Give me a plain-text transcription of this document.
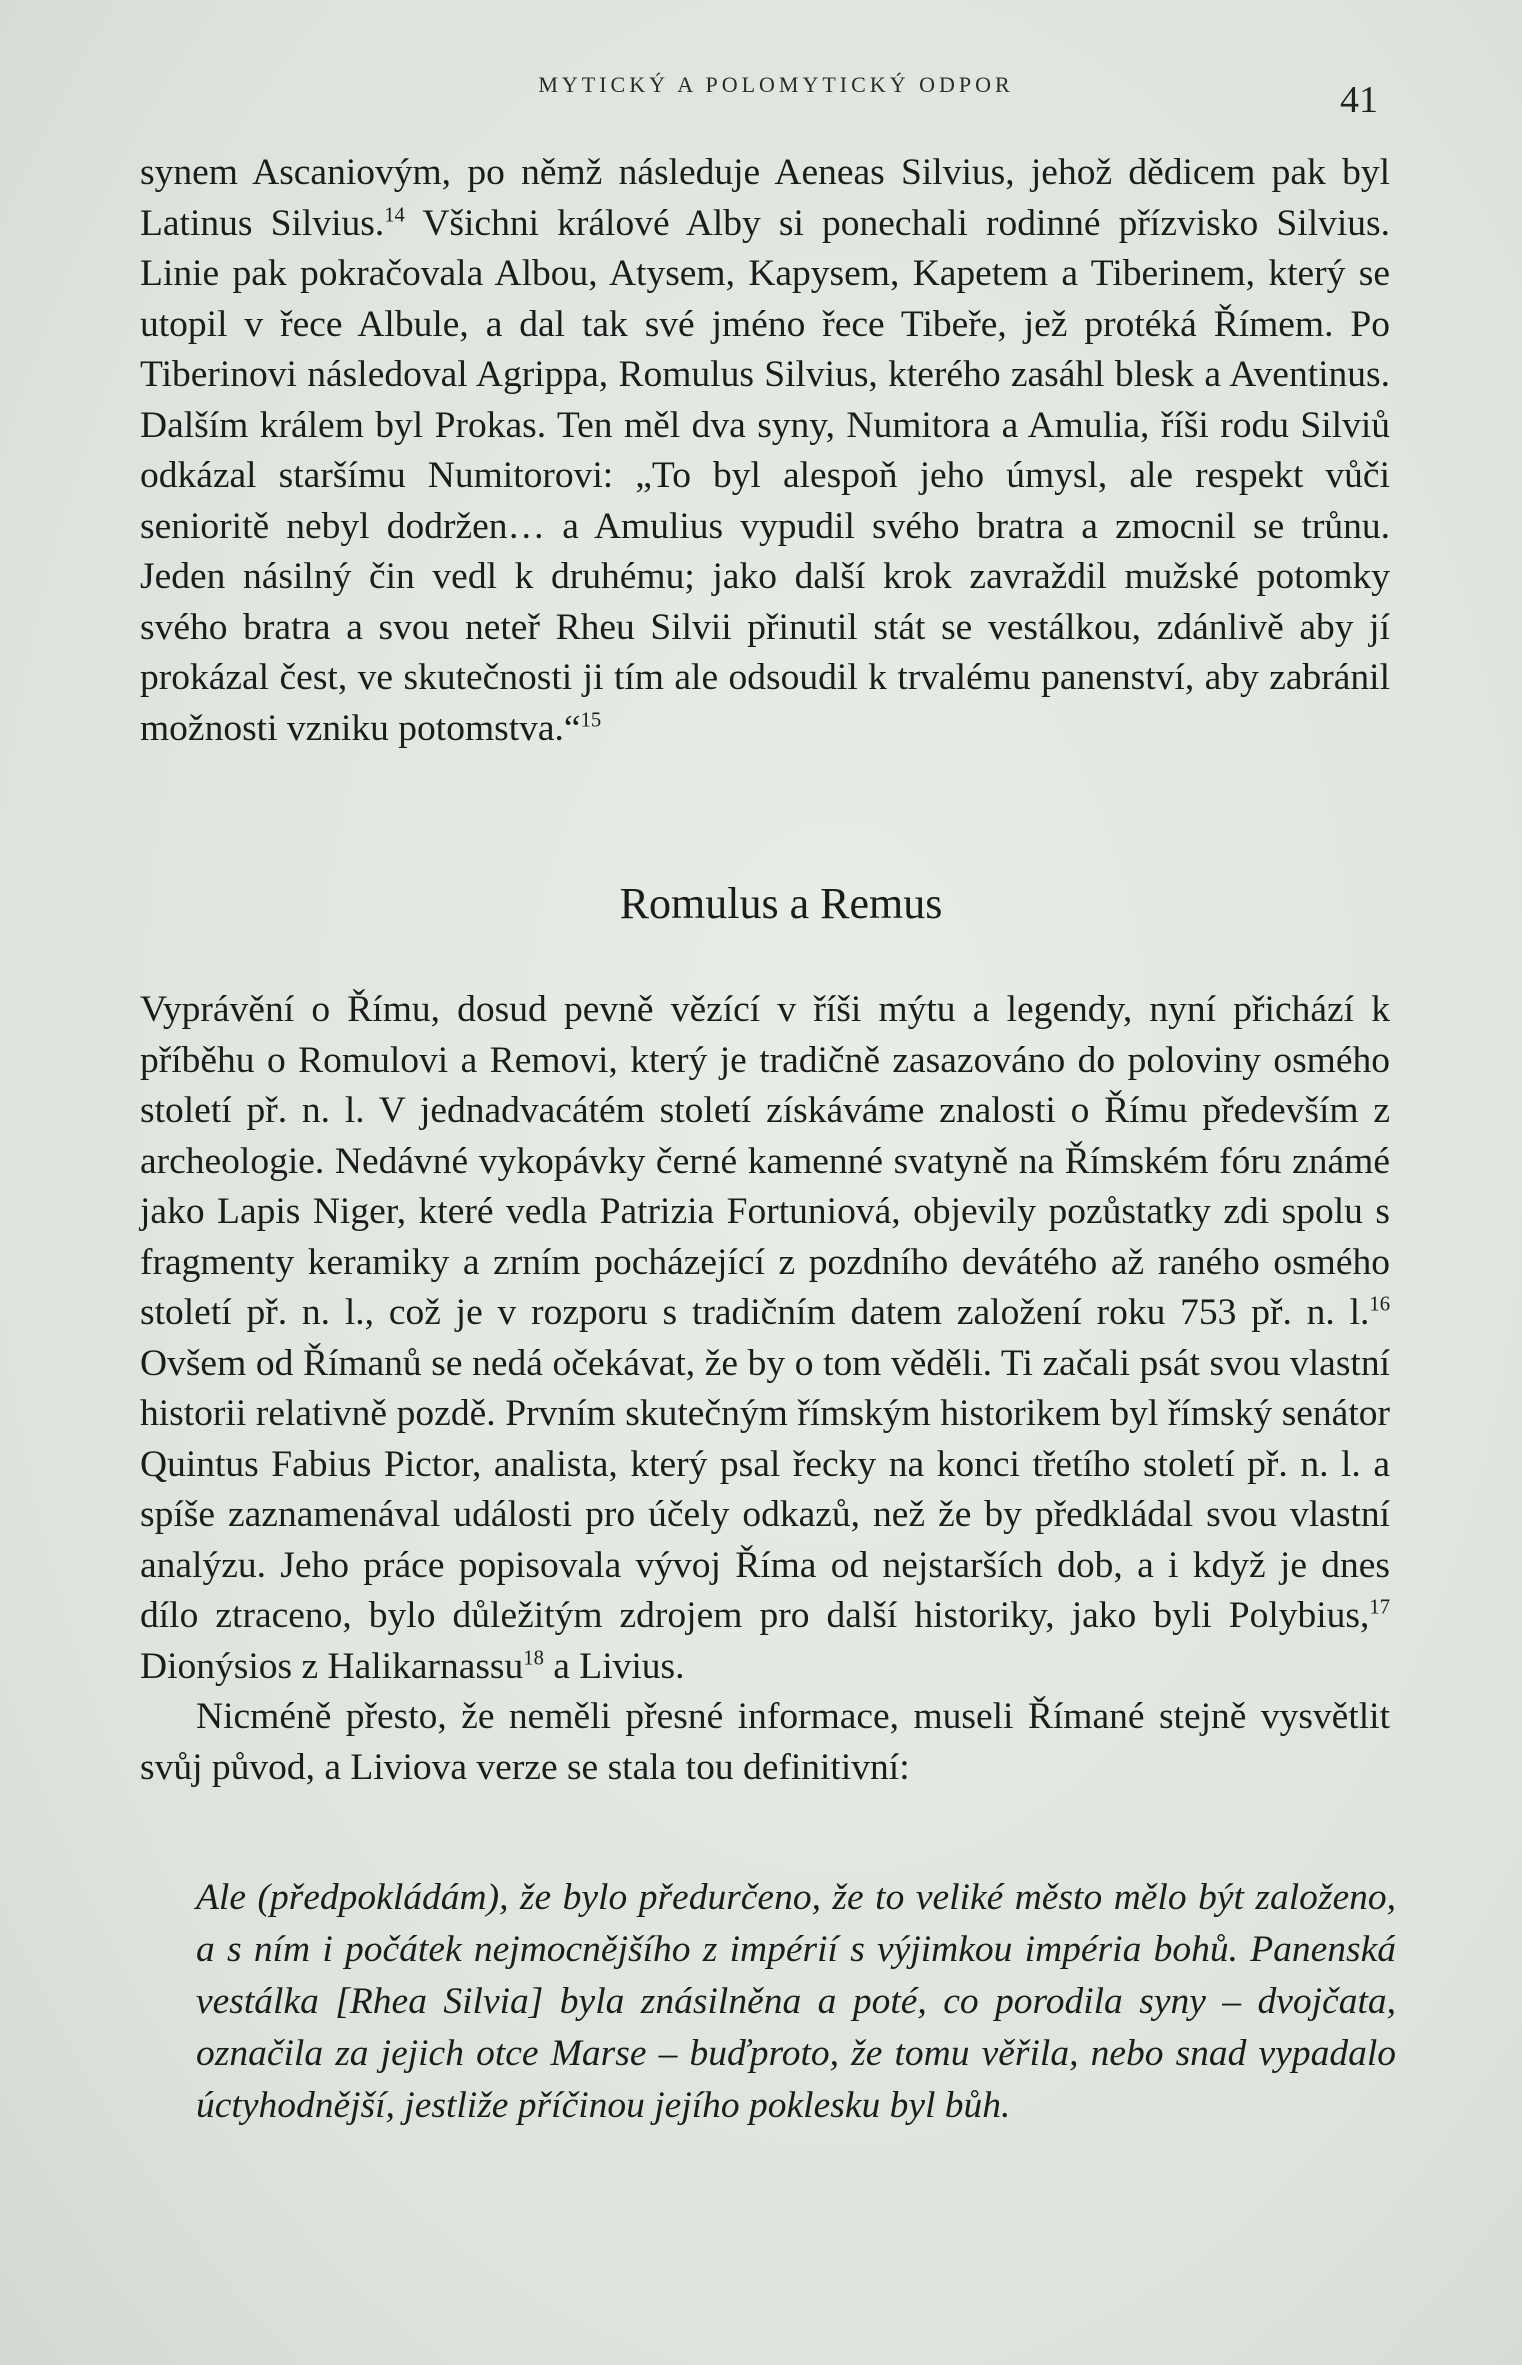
MYTICKÝ A POLOMYTICKÝ ODPOR	41

synem Ascaniovým, po němž následuje Aeneas Silvius, jehož dědicem pak byl Latinus Silvius.$^{14}$ Všichni králové Alby si ponechali rodinné přízvisko Silvius. Linie pak pokračovala Albou, Atysem, Kapysem, Kapetem a Tiberinem, který se utopil v řece Albule, a dal tak své jméno řece Tibeře, jež protéká Římem. Po Tiberinovi následoval Agrippa, Romulus Silvius, kterého zasáhl blesk a Aventinus. Dalším králem byl Prokas. Ten měl dva syny, Numitora a Amulia, říši rodu Silviů odkázal staršímu Numitorovi: „To byl alespoň jeho úmysl, ale respekt vůči senioritě nebyl dodržen… a Amulius vypudil svého bratra a zmocnil se trůnu. Jeden násilný čin vedl k druhému; jako další krok zavraždil mužské potomky svého bratra a svou neteř Rheu Silvii přinutil stát se vestálkou, zdánlivě aby jí prokázal čest, ve skutečnosti ji tím ale odsoudil k trvalému panenství, aby zabránil možnosti vzniku potomstva.“$^{15}$

Romulus a Remus

Vyprávění o Římu, dosud pevně vězící v říši mýtu a legendy, nyní přichází k příběhu o Romulovi a Removi, který je tradičně zasazováno do poloviny osmého století př. n. l. V jednadvacátém století získáváme znalosti o Římu především z archeologie. Nedávné vykopávky černé kamenné svatyně na Římském fóru známé jako Lapis Niger, které vedla Patrizia Fortuniová, objevily pozůstatky zdi spolu s fragmenty keramiky a zrním pocházející z pozdního devátého až raného osmého století př. n. l., což je v rozporu s tradičním datem založení roku 753 př. n. l.$^{16}$ Ovšem od Římanů se nedá očekávat, že by o tom věděli. Ti začali psát svou vlastní historii relativně pozdě. Prvním skutečným římským historikem byl římský senátor Quintus Fabius Pictor, analista, který psal řecky na konci třetího století př. n. l. a spíše zaznamenával události pro účely odkazů, než že by předkládal svou vlastní analýzu. Jeho práce popisovala vývoj Říma od nejstarších dob, a i když je dnes dílo ztraceno, bylo důležitým zdrojem pro další historiky, jako byli Polybius,$^{17}$ Dionýsios z Halikarnassu$^{18}$ a Livius.

Nicméně přesto, že neměli přesné informace, museli Římané stejně vysvětlit svůj původ, a Liviova verze se stala tou definitivní:

Ale (předpokládám), že bylo předurčeno, že to veliké město mělo být založeno, a s ním i počátek nejmocnějšího z impérií s výjimkou impéria bohů. Panenská vestálka [Rhea Silvia] byla znásilněna a poté, co porodila syny – dvojčata, označila za jejich otce Marse – buďproto, že tomu věřila, nebo snad vypadalo úctyhodnější, jestliže příčinou jejího poklesku byl bůh.
